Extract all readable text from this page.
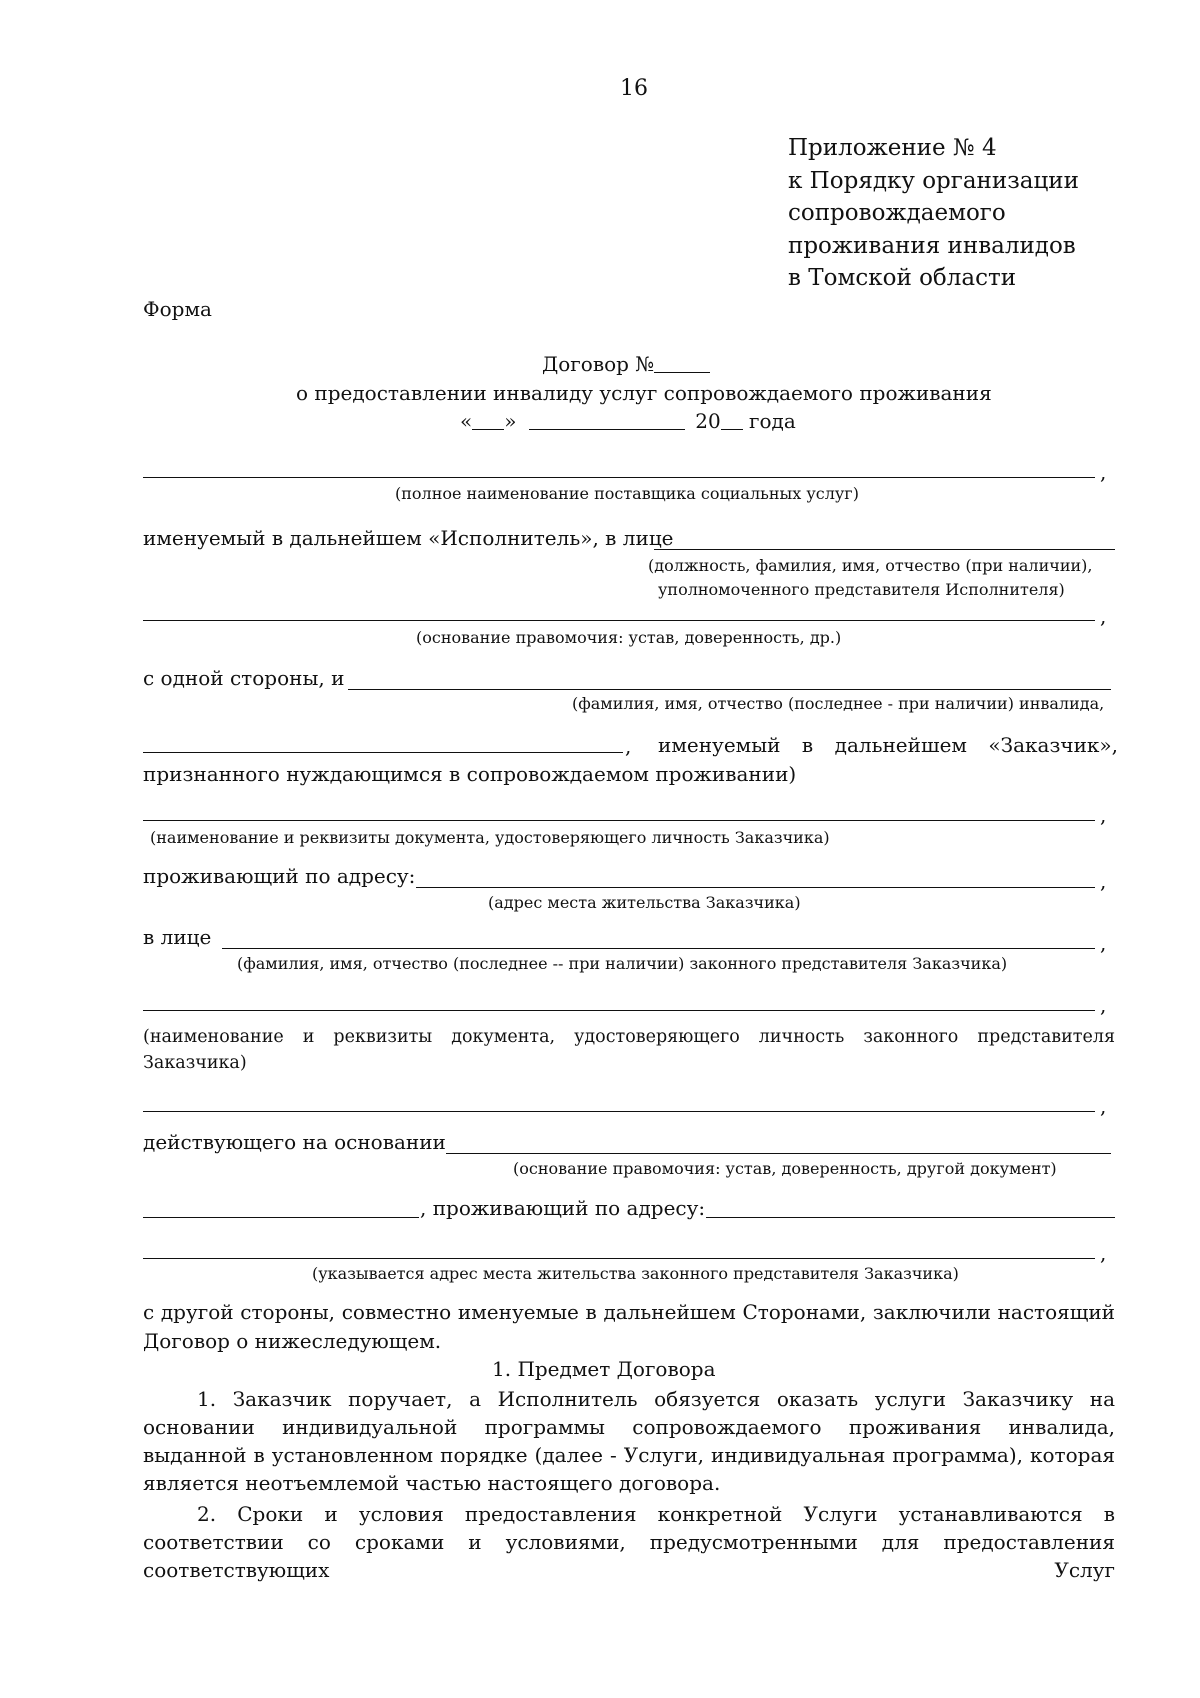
16
Приложение № 4
к Порядку организации
сопровождаемого
проживания инвалидов
в Томской области
Форма
Договор №
о предоставлении инвалиду услуг сопровождаемого проживания
« »	20 года
,
(полное наименование поставщика социальных услуг)
именуемый в дальнейшем «Исполнитель», в лице
(должность, фамилия, имя, отчество (при наличии),
уполномоченного представителя Исполнителя)
,
(основание правомочия: устав, доверенность, др.)
с одной стороны, и
(фамилия, имя, отчество (последнее - при наличии) инвалида,
, именуемый в дальнейшем «Заказчик»,
признанного нуждающимся в сопровождаемом проживании)
,
(наименование и реквизиты документа, удостоверяющего личность Заказчика)
проживающий по адресу:	,
(адрес места жительства Заказчика)
в лице	,
(фамилия, имя, отчество (последнее -- при наличии) законного представителя Заказчика)
,
(наименование и реквизиты документа, удостоверяющего личность законного представителя
Заказчика)
,
действующего на основании
(основание правомочия: устав, доверенность, другой документ)
, проживающий по адресу:
,
(указывается адрес места жительства законного представителя Заказчика)
с другой стороны, совместно именуемые в дальнейшем Сторонами, заключили настоящий Договор о нижеследующем.
1. Предмет Договора
1. Заказчик поручает, а Исполнитель обязуется оказать услуги Заказчику на основании индивидуальной программы сопровождаемого проживания инвалида, выданной в установленном порядке (далее - Услуги, индивидуальная программа), которая является неотъемлемой частью настоящего договора.
2. Сроки и условия предоставления конкретной Услуги устанавливаются в соответствии со сроками и условиями, предусмотренными для предоставления соответствующих Услуг
